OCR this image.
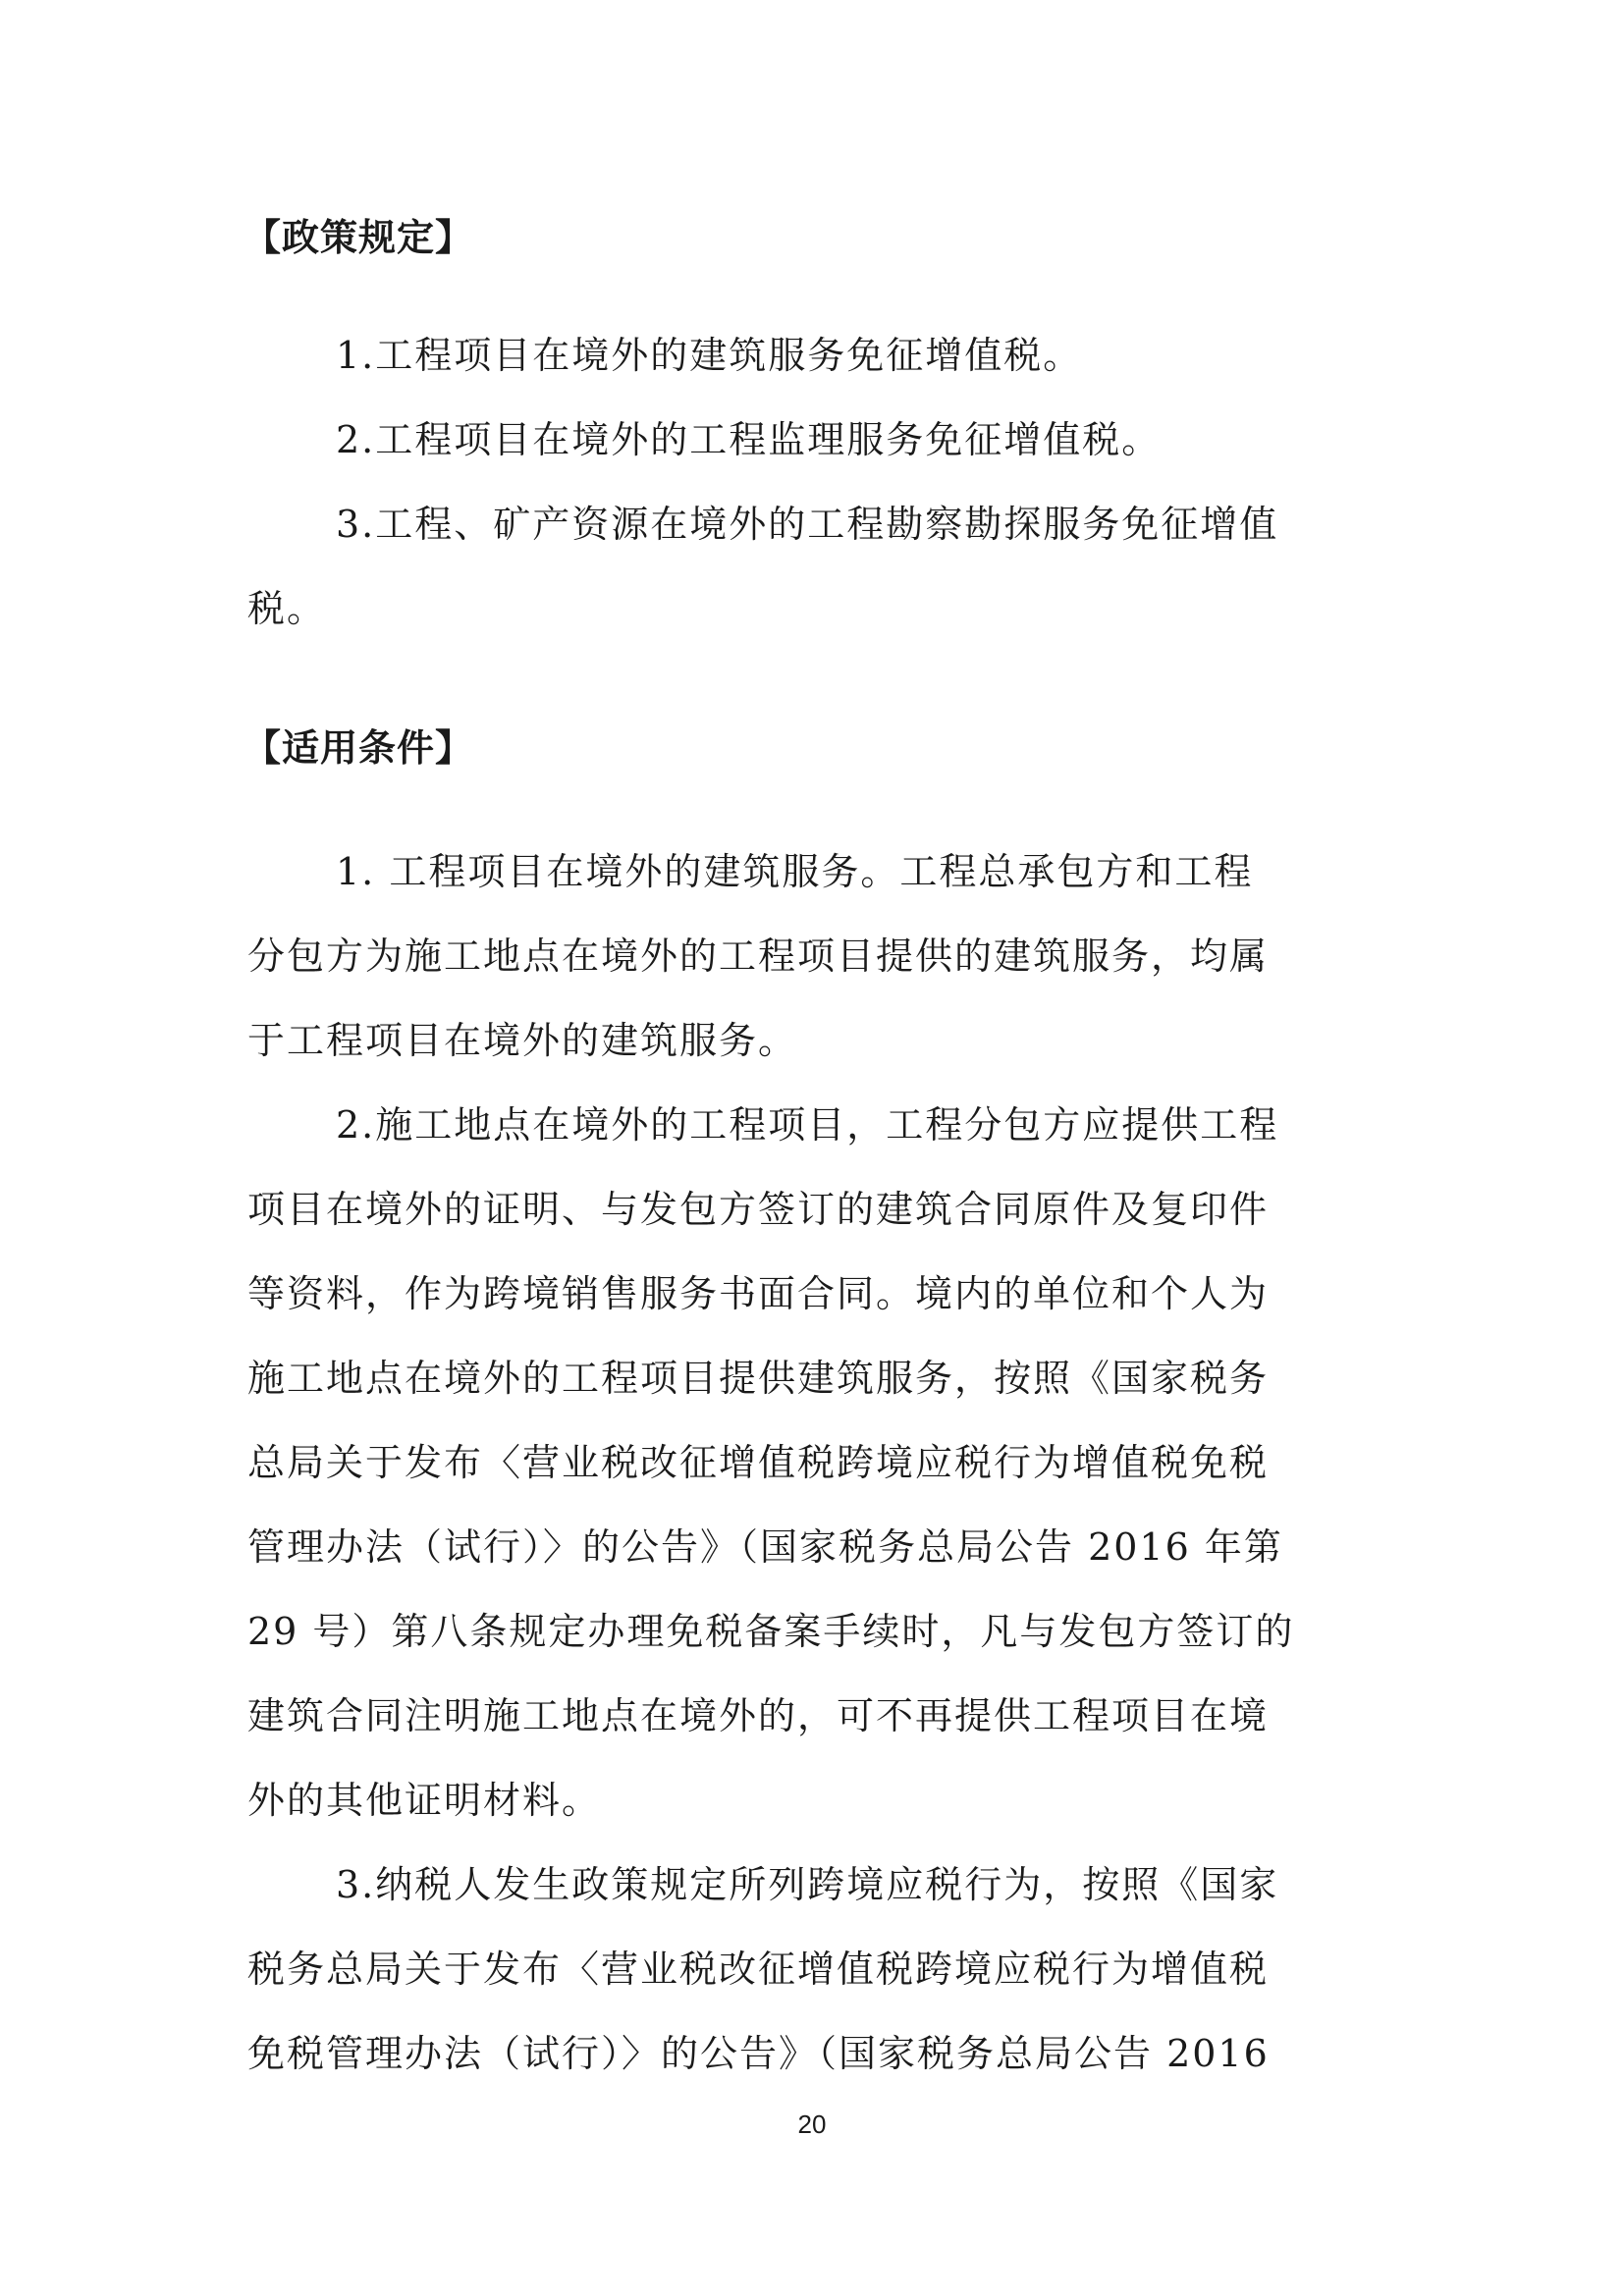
【政策规定】
1.工程项目在境外的建筑服务免征增值税。
2.工程项目在境外的工程监理服务免征增值税。
3.工程、矿产资源在境外的工程勘察勘探服务免征增值
税。
【适用条件】
1. 工程项目在境外的建筑服务。工程总承包方和工程
分包方为施工地点在境外的工程项目提供的建筑服务，均属
于工程项目在境外的建筑服务。
2.施工地点在境外的工程项目，工程分包方应提供工程
项目在境外的证明、与发包方签订的建筑合同原件及复印件
等资料，作为跨境销售服务书面合同。境内的单位和个人为
施工地点在境外的工程项目提供建筑服务，按照《国家税务
总局关于发布〈营业税改征增值税跨境应税行为增值税免税
管理办法（试行）〉的公告》（国家税务总局公告 2016 年第
29 号）第八条规定办理免税备案手续时，凡与发包方签订的
建筑合同注明施工地点在境外的，可不再提供工程项目在境
外的其他证明材料。
3.纳税人发生政策规定所列跨境应税行为，按照《国家
税务总局关于发布〈营业税改征增值税跨境应税行为增值税
免税管理办法（试行）〉的公告》（国家税务总局公告 2016
20
